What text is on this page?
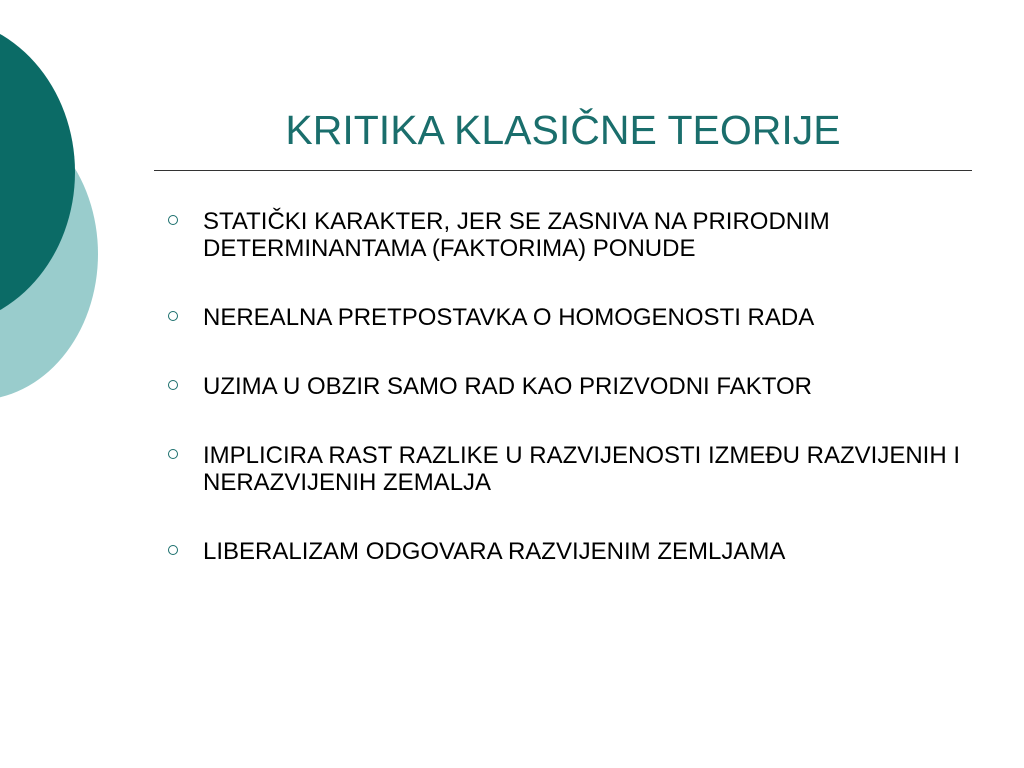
KRITIKA KLASIČNE TEORIJE
STATIČKI KARAKTER, JER SE ZASNIVA NA PRIRODNIM DETERMINANTAMA (FAKTORIMA) PONUDE
NEREALNA PRETPOSTAVKA O HOMOGENOSTI RADA
UZIMA U OBZIR SAMO RAD KAO PRIZVODNI FAKTOR
IMPLICIRA RAST RAZLIKE U RAZVIJENOSTI IZMEĐU RAZVIJENIH I NERAZVIJENIH ZEMALJA
LIBERALIZAM ODGOVARA RAZVIJENIM ZEMLJAMA
